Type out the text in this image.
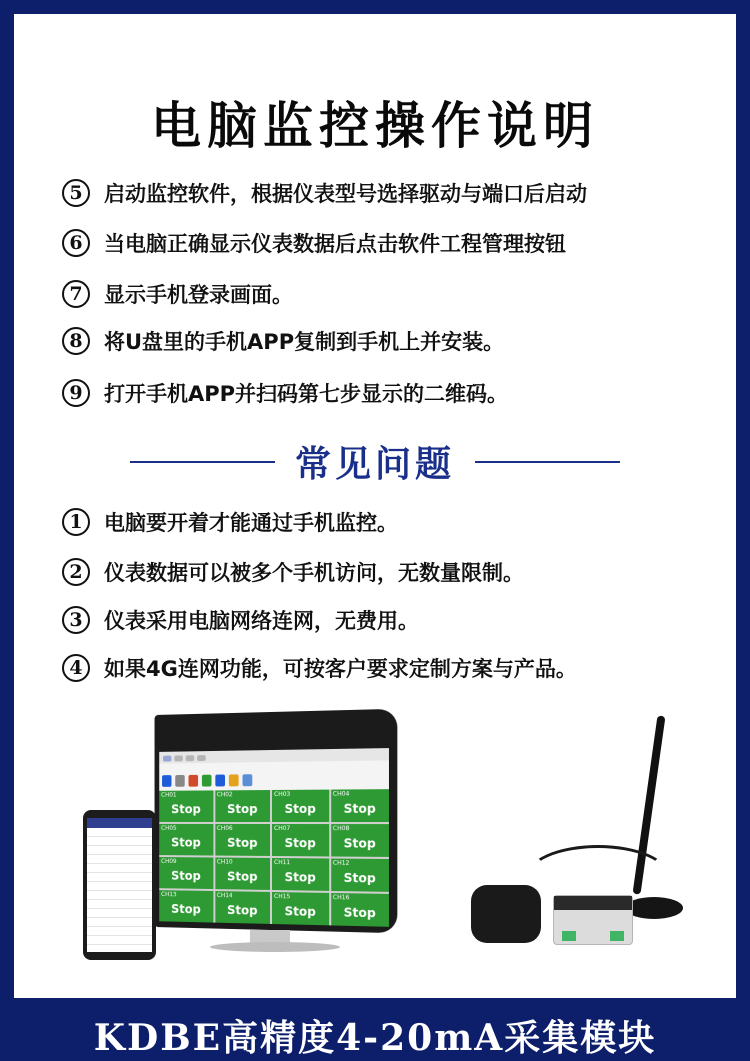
电脑监控操作说明
5	启动监控软件，根据仪表型号选择驱动与端口后启动
6	当电脑正确显示仪表数据后点击软件工程管理按钮
7	显示手机登录画面。
8	将U盘里的手机APP复制到手机上并安装。
9	打开手机APP并扫码第七步显示的二维码。
常见问题
1	电脑要开着才能通过手机监控。
2	仪表数据可以被多个手机访问，无数量限制。
3	仪表采用电脑网络连网，无费用。
4	如果4G连网功能，可按客户要求定制方案与产品。
CH01
Stop
CH02
Stop
CH03
Stop
CH04
Stop
CH05
Stop
CH06
Stop
CH07
Stop
CH08
Stop
CH09
Stop
CH10
Stop
CH11
Stop
CH12
Stop
CH13
Stop
CH14
Stop
CH15
Stop
CH16
Stop
KDBE高精度4-20mA采集模块
